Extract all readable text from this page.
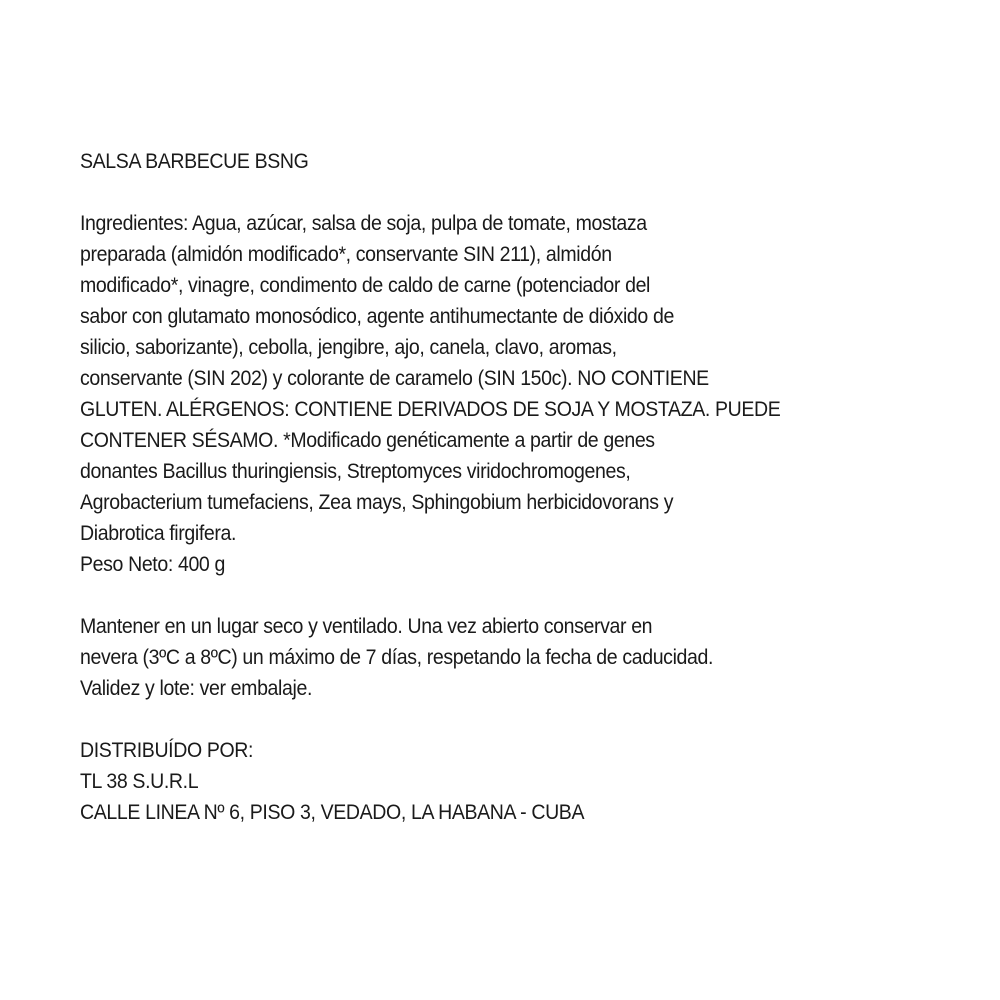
SALSA BARBECUE BSNG
Ingredientes: Agua, azúcar, salsa de soja, pulpa de tomate, mostaza
preparada (almidón modificado*, conservante SIN 211), almidón
modificado*, vinagre, condimento de caldo de carne (potenciador del
sabor con glutamato monosódico, agente antihumectante de dióxido de
silicio, saborizante), cebolla, jengibre, ajo, canela, clavo, aromas,
conservante (SIN 202) y colorante de caramelo (SIN 150c). NO CONTIENE
GLUTEN. ALÉRGENOS: CONTIENE DERIVADOS DE SOJA Y MOSTAZA. PUEDE
CONTENER SÉSAMO. *Modificado genéticamente a partir de genes
donantes Bacillus thuringiensis, Streptomyces viridochromogenes,
Agrobacterium tumefaciens, Zea mays, Sphingobium herbicidovorans y
Diabrotica firgifera.
Peso Neto: 400 g
Mantener en un lugar seco y ventilado. Una vez abierto conservar en
nevera (3ºC a 8ºC) un máximo de 7 días, respetando la fecha de caducidad.
Validez y lote: ver embalaje.
DISTRIBUÍDO POR:
TL 38 S.U.R.L
CALLE LINEA Nº 6, PISO 3, VEDADO, LA HABANA - CUBA
